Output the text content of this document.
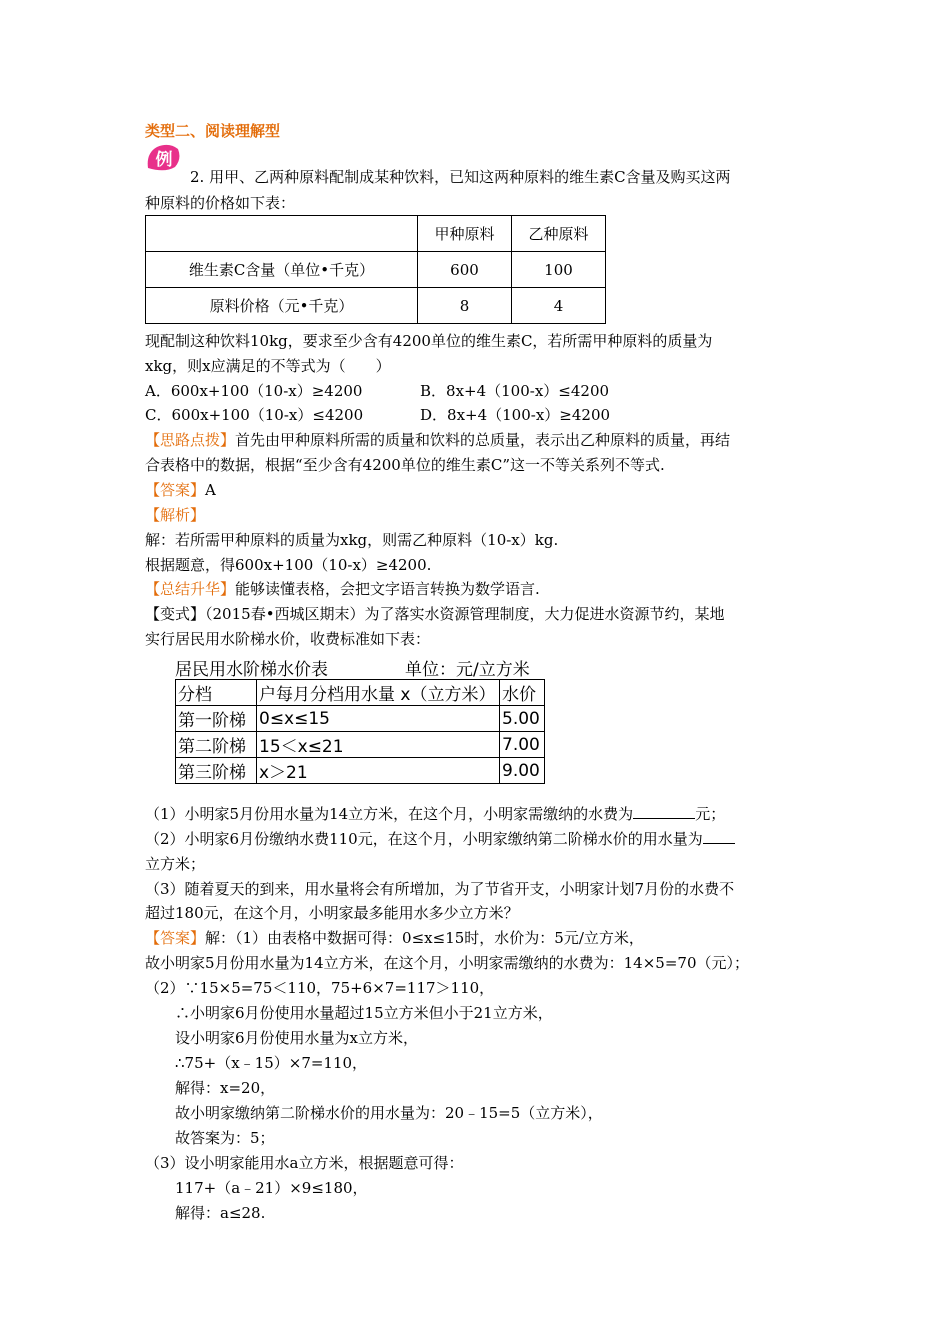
类型二、阅读理解型
例
2. 用甲、乙两种原料配制成某种饮料，已知这两种原料的维生素C含量及购买这两
种原料的价格如下表：
	甲种原料	乙种原料
维生素C含量（单位•千克）	600	100
原料价格（元•千克）	8	4
现配制这种饮料10kg，要求至少含有4200单位的维生素C，若所需甲种原料的质量为
xkg，则x应满足的不等式为（　　）
A．600x+100（10-x）≥4200	B．8x+4（100-x）≤4200
C．600x+100（10-x）≤4200	D．8x+4（100-x）≥4200
【思路点拨】首先由甲种原料所需的质量和饮料的总质量，表示出乙种原料的质量，再结
合表格中的数据，根据“至少含有4200单位的维生素C”这一不等关系列不等式.
【答案】A
【解析】
解：若所需甲种原料的质量为xkg，则需乙种原料（10-x）kg.
根据题意，得600x+100（10-x）≥4200.
【总结升华】能够读懂表格，会把文字语言转换为数学语言.
【变式】（2015春•西城区期末）为了落实水资源管理制度，大力促进水资源节约，某地
实行居民用水阶梯水价，收费标准如下表：
居民用水阶梯水价表	单位：元/立方米
分档	户每月分档用水量 x（立方米）	水价
第一阶梯	0≤x≤15	5.00
第二阶梯	15＜x≤21	7.00
第三阶梯	x＞21	9.00
（1）小明家5月份用水量为14立方米，在这个月，小明家需缴纳的水费为	元；
（2）小明家6月份缴纳水费110元，在这个月，小明家缴纳第二阶梯水价的用水量为
立方米；
（3）随着夏天的到来，用水量将会有所增加，为了节省开支，小明家计划7月份的水费不
超过180元，在这个月，小明家最多能用水多少立方米？
【答案】解：（1）由表格中数据可得：0≤x≤15时，水价为：5元/立方米，
故小明家5月份用水量为14立方米，在这个月，小明家需缴纳的水费为：14×5=70（元）；
（2）∵15×5=75＜110，75+6×7=117＞110，
∴小明家6月份使用水量超过15立方米但小于21立方米，
设小明家6月份使用水量为x立方米，
∴75+（x﹣15）×7=110，
解得：x=20，
故小明家缴纳第二阶梯水价的用水量为：20﹣15=5（立方米），
故答案为：5；
（3）设小明家能用水a立方米，根据题意可得：
117+（a﹣21）×9≤180，
解得：a≤28.
